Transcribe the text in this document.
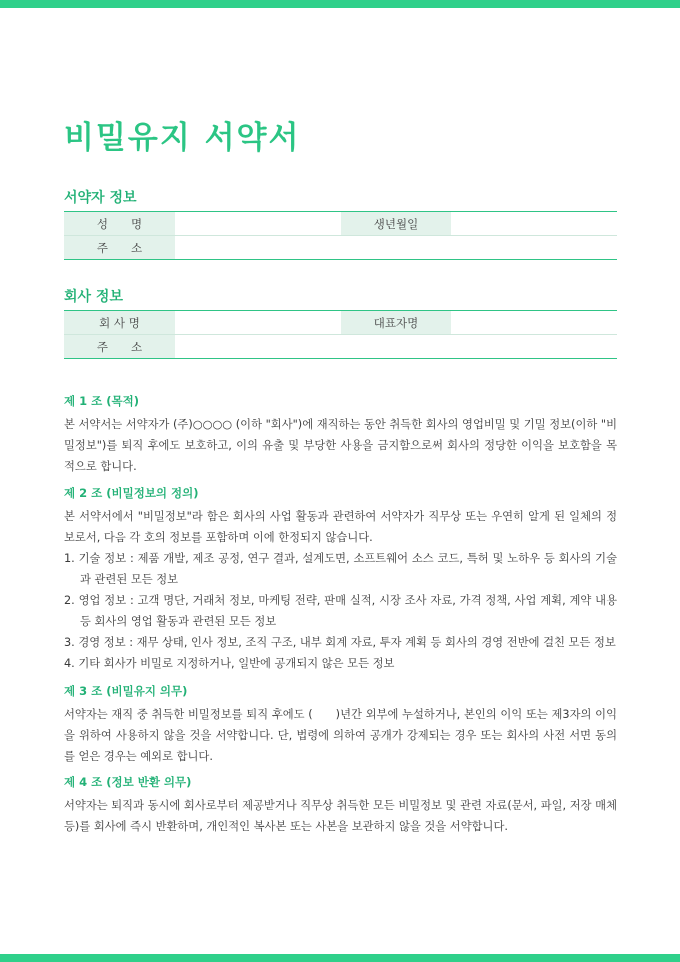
비밀유지 서약서
서약자 정보
성　　명		생년월일	
주　　소			
회사 정보
회 사 명		대표자명	
주　　소			

제 1 조 (목적)

본 서약서는 서약자가 (주)○○○○ (이하 "회사")에 재직하는 동안 취득한 회사의 영업비밀 및 기밀 정보(이하 "비밀정보")를 퇴직 후에도 보호하고, 이의 유출 및 부당한 사용을 금지함으로써 회사의 정당한 이익을 보호함을 목적으로 합니다.

제 2 조 (비밀정보의 정의)

본 서약서에서 "비밀정보"라 함은 회사의 사업 활동과 관련하여 서약자가 직무상 또는 우연히 알게 된 일체의 정보로서, 다음 각 호의 정보를 포함하며 이에 한정되지 않습니다.

1. 기술 정보 : 제품 개발, 제조 공정, 연구 결과, 설계도면, 소프트웨어 소스 코드, 특허 및 노하우 등 회사의 기술과 관련된 모든 정보
2. 영업 정보 : 고객 명단, 거래처 정보, 마케팅 전략, 판매 실적, 시장 조사 자료, 가격 정책, 사업 계획, 계약 내용 등 회사의 영업 활동과 관련된 모든 정보
3. 경영 정보 : 재무 상태, 인사 정보, 조직 구조, 내부 회계 자료, 투자 계획 등 회사의 경영 전반에 걸친 모든 정보
4. 기타 회사가 비밀로 지정하거나, 일반에 공개되지 않은 모든 정보

제 3 조 (비밀유지 의무)

서약자는 재직 중 취득한 비밀정보를 퇴직 후에도 (　　)년간 외부에 누설하거나, 본인의 이익 또는 제3자의 이익을 위하여 사용하지 않을 것을 서약합니다. 단, 법령에 의하여 공개가 강제되는 경우 또는 회사의 사전 서면 동의를 얻은 경우는 예외로 합니다.

제 4 조 (정보 반환 의무)

서약자는 퇴직과 동시에 회사로부터 제공받거나 직무상 취득한 모든 비밀정보 및 관련 자료(문서, 파일, 저장 매체 등)를 회사에 즉시 반환하며, 개인적인 복사본 또는 사본을 보관하지 않을 것을 서약합니다.
